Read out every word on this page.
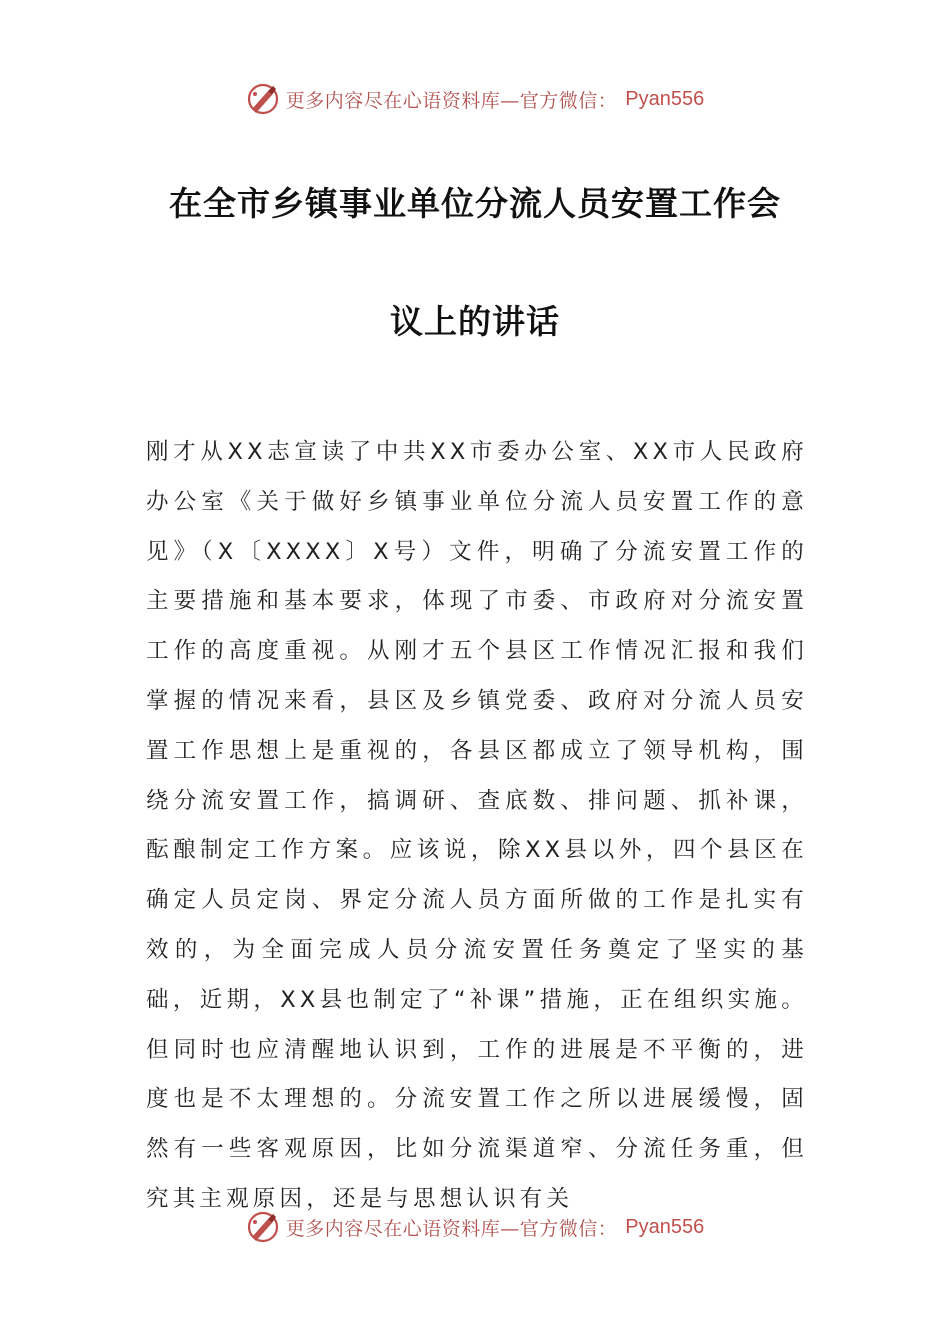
更多内容尽在心语资料库—官方微信： Pyan556
在全市乡镇事业单位分流人员安置工作会
议上的讲话

刚才从XX志宣读了中共XX市委办公室、XX市人民政府办公室《关于做好乡镇事业单位分流人员安置工作的意见》（X〔XXXX〕X号）文件，明确了分流安置工作的主要措施和基本要求，体现了市委、市政府对分流安置工作的高度重视。从刚才五个县区工作情况汇报和我们掌握的情况来看，县区及乡镇党委、政府对分流人员安置工作思想上是重视的，各县区都成立了领导机构，围绕分流安置工作，搞调研、查底数、排问题、抓补课，酝酿制定工作方案。应该说，除XX县以外，四个县区在确定人员定岗、界定分流人员方面所做的工作是扎实有效的，为全面完成人员分流安置任务奠定了坚实的基础，近期，XX县也制定了“补课”措施，正在组织实施。但同时也应清醒地认识到，工作的进展是不平衡的，进度也是不太理想的。分流安置工作之所以进展缓慢，固然有一些客观原因，比如分流渠道窄、分流任务重，但究其主观原因，还是与思想认识有关

更多内容尽在心语资料库—官方微信： Pyan556
